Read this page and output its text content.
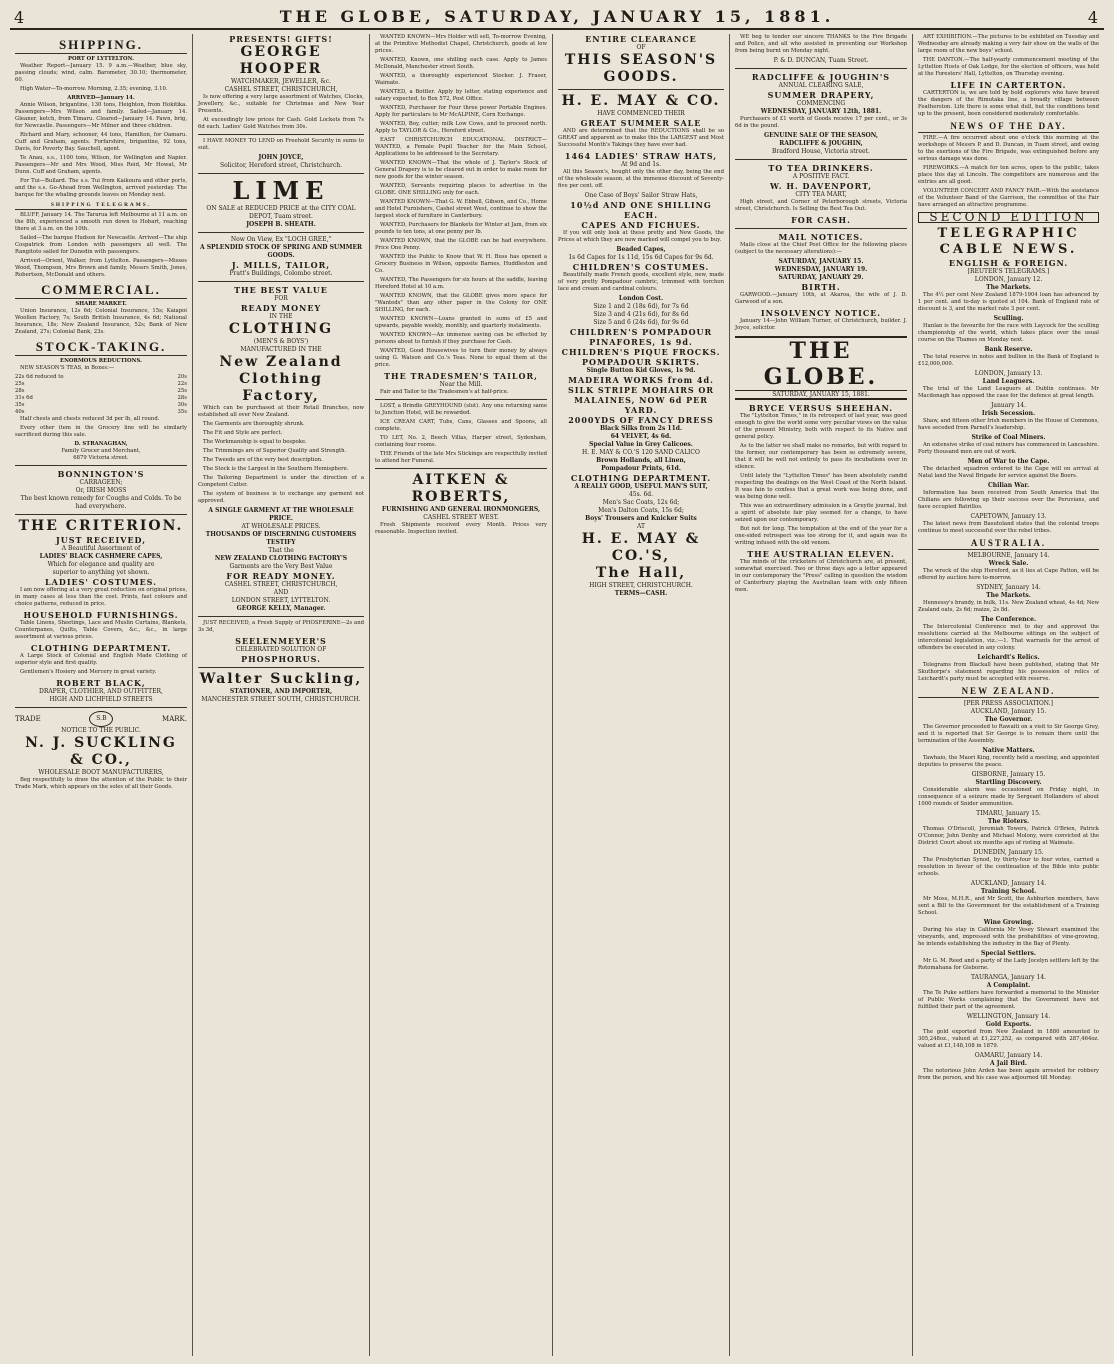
4	THE GLOBE, SATURDAY, JANUARY 15, 1881.	4
SHIPPING.
PORT OF LYTTELTON.

Weather Report—January 15. 9 a.m.—Weather, blue sky, passing clouds; wind, calm. Barometer, 30.10; thermometer, 60.

High Water—To-morrow. Morning, 2.35; evening, 3.10.

ARRIVED—January 14.

Annie Wilson, brigantine, 130 tons, Heighton, from Hokitika. Passengers—Mrs Wilson and family. Sailed—January 14. Gleaner, ketch, from Timaru. Cleared—January 14. Fawn, brig, for Newcastle. Passengers—Mr Milner and three children.

Richard and Mary, schooner, 44 tons, Hamilton, for Oamaru. Cuff and Graham, agents. Forfarshire, brigantine, 92 tons, Davis, for Poverty Bay. Sauchell, agent.

Te Anau, s.s., 1100 tons, Wilson, for Wellington and Napier. Passengers—Mr and Mrs Wood, Miss Reid, Mr Howat, Mr Dunn. Cuff and Graham, agents.

For Tui—Bullard. The s.s. Tui from Kaikoura and other ports, and the s.s. Go-Ahead from Wellington, arrived yesterday. The barque for the whaling grounds leaves on Monday next.

SHIPPING TELEGRAMS.

BLUFF, January 14. The Tararua left Melbourne at 11 a.m. on the 8th, experienced a smooth run down to Hobart, reaching there at 3 a.m. on the 10th.

Sailed—The barque Hudson for Newcastle. Arrived—The ship Cospatrick from London with passengers all well. The Rangitoto sailed for Dunedin with passengers.

Arrived—Orient, Walker, from Lyttelton. Passengers—Misses Wood, Thompson, Mrs Brown and family, Messrs Smith, Jones, Robertson, McDonald and others.

COMMERCIAL.
SHARE MARKET.

Union Insurance, 12s 6d; Colonial Insurance, 15s; Kaiapoi Woollen Factory, 7s; South British Insurance, 4s 6d; National Insurance, 18s; New Zealand Insurance, 52s; Bank of New Zealand, 27s; Colonial Bank, 23s.

STOCK-TAKING.
ENORMOUS REDUCTIONS.

NEW SEASON'S TEAS, in Boxes:—

22s 6d reduced to	20s
25s	22s
28s	25s
31s 6d	28s
35s	30s
40s	35s

Half chests and chests reduced 3d per lb, all round.

Every other item in the Grocery line will be similarly sacrificed during this sale.

D. STRANAGHAN,
Family Grocer and Merchant,
6879 Victoria street.
BONNINGTON'S
CARRAGEEN;
Or, IRISH MOSS
The best known remedy for Coughs and Colds. To be had everywhere.
THE CRITERION.
JUST RECEIVED,
A Beautiful Assortment of
LADIES' BLACK CASHMERE CAPES,
Which for elegance and quality are
superior to anything yet shown.
LADIES' COSTUMES.

I am now offering at a very great reduction on original prices, in many cases at less than the cost. Prints, fast colours and choice patterns, reduced in price.

HOUSEHOLD FURNISHINGS.

Table Linens, Sheetings, Lace and Muslin Curtains, Blankets, Counterpanes, Quilts, Table Covers, &c., &c., in large assortment at various prices.

CLOTHING DEPARTMENT.

A Large Stock of Colonial and English Made Clothing of superior style and first quality.

Gentlemen's Hosiery and Mercery in great variety.

ROBERT BLACK,
DRAPER, CLOTHIER, AND OUTFITTER,
HIGH AND LICHFIELD STREETS
TRADE	S.B	MARK.
NOTICE TO THE PUBLIC.
N. J. SUCKLING & CO.,
WHOLESALE BOOT MANUFACTURERS,

Beg respectfully to draw the attention of the Public to their Trade Mark, which appears on the soles of all their Goods.

PRESENTS! GIFTS!
GEORGE HOOPER
WATCHMAKER, JEWELLER, &c.
CASHEL STREET, CHRISTCHURCH,

Is now offering a very large assortment of Watches, Clocks, Jewellery, &c., suitable for Christmas and New Year Presents.

At exceedingly low prices for Cash. Gold Lockets from 7s 6d each. Ladies' Gold Watches from 30s.

I HAVE MONEY TO LEND on Freehold Security in sums to suit.

JOHN JOYCE,
Solicitor, Hereford street, Christchurch.
LIME
ON SALE at REDUCED PRICE at the CITY COAL DEPOT, Tuam street.
JOSEPH B. SHEATH.
Now On View, Ex "LOCH GREE,"
A SPLENDID STOCK OF SPRING AND SUMMER GOODS.
J. MILLS, TAILOR,
Pratt's Buildings, Colombo street.
THE BEST VALUE
FOR
READY MONEY
IN THE
CLOTHING
(MEN'S & BOYS')
MANUFACTURED IN THE
New Zealand
Clothing Factory,

Which can be purchased at their Retail Branches, now established all over New Zealand.

The Garments are thoroughly shrunk.

The Fit and Style are perfect.

The Workmanship is equal to bespoke.

The Trimmings are of Superior Quality and Strength.

The Tweeds are of the very best description.

The Stock is the Largest in the Southern Hemisphere.

The Tailoring Department is under the direction of a Competent Cutter.

The system of business is to exchange any garment not approved.

A SINGLE GARMENT AT THE WHOLESALE PRICE.
AT WHOLESALE PRICES.
THOUSANDS OF DISCERNING CUSTOMERS TESTIFY
That the
NEW ZEALAND CLOTHING FACTORY'S
Garments are the Very Best Value
FOR READY MONEY.
CASHEL STREET, CHRISTCHURCH,
AND
LONDON STREET, LYTTELTON.
GEORGE KELLY, Manager.

JUST RECEIVED, a Fresh Supply of PHOSFERINE—2s and 3s 3d,

SEELENMEYER'S
CELEBRATED SOLUTION OF
PHOSPHORUS.
Walter Suckling,
STATIONER, AND IMPORTER,
MANCHESTER STREET SOUTH, CHRISTCHURCH.

WANTED KNOWN—Mrs Holder will sell, To-morrow Evening, at the Primitive Methodist Chapel, Christchurch, goods at low prices.

WANTED, Known, one shilling each case. Apply to James McDonald, Manchester street South.

WANTED, a thoroughly experienced Stocker. J. Fraser, Waimate.

WANTED, a Bottler. Apply by letter, stating experience and salary expected, to Box 572, Post Office.

WANTED, Purchaser for Four three power Portable Engines. Apply for particulars to Mr McALPINE, Corn Exchange.

WANTED, Boy, cutter, milk Low Cows, and to proceed north. Apply to TAYLOR & Co., Hereford street.

EAST CHRISTCHURCH EDUCATIONAL DISTRICT—WANTED, a Female Pupil Teacher for the Main School, Applications to be addressed to the Secretary.

WANTED KNOWN—That the whole of J. Taylor's Stock of General Drapery is to be cleared out in order to make room for new goods for the winter season.

WANTED, Servants requiring places to advertise in the GLOBE. ONE SHILLING only for each.

WANTED KNOWN—That G. W. Ebbell, Gibson, and Co., Home and Hotel Furnishers, Cashel street West, continue to show the largest stock of furniture in Canterbury.

WANTED, Purchasers for Blankets for Winter at Jam, from six pounds to ten tons, at one penny per lb.

WANTED KNOWN, that the GLOBE can be had everywhere. Price One Penny.

WANTED the Public to Know that W. H. Buss has opened a Grocery Business in Wilson, opposite Barnes, Huddleston and Co.

WANTED, The Passengers for six hours at the saddle, leaving Hereford Hotel at 10 a.m.

WANTED KNOWN, that the GLOBE gives more space for "Wanteds" than any other paper in the Colony for ONE SHILLING, for each.

WANTED KNOWN—Loans granted in sums of £5 and upwards, payable weekly, monthly, and quarterly instalments.

WANTED KNOWN—An immense saving can be effected by persons about to furnish if they purchase for Cash.

WANTED, Good Housewives to turn their money by always using G. Watson and Co.'s Teas. None to equal them at the price.

THE TRADESMEN'S TAILOR,
Near the Mill.

Fair and Tailor to the Tradesmen's at half-price.

LOST, a Brindle GREYHOUND (slut). Any one returning same to Junction Hotel, will be rewarded.

ICE CREAM CART, Tubs, Cans, Glasses and Spoons, all complete.

TO LET, No. 2, Beech Villas, Harper street, Sydenham, containing four rooms.

THE Friends of the late Mrs Stickings are respectfully invited to attend her Funeral.

AITKEN & ROBERTS,
FURNISHING AND GENERAL IRONMONGERS,
CASHEL STREET WEST.

Fresh Shipments received every Month. Prices very reasonable. Inspection invited.

ENTIRE CLEARANCE
OF
THIS SEASON'S
GOODS.
H. E. MAY & CO.
HAVE COMMENCED THEIR
GREAT SUMMER SALE

AND are determined that the REDUCTIONS shall be so GREAT and apparent as to make this the LARGEST and Most Successful Month's Takings they have ever had.

1464 LADIES' STRAW HATS,
At 9d and 1s.

All this Season's, bought only the other day, being the end of the wholesale season, at the immense discount of Seventy-five per cent. off.

One Case of Boys' Sailor Straw Hats,
10½d AND ONE SHILLING EACH.
CAPES AND FICHUES.

If you will only look at these pretty and New Goods, the Prices at which they are now marked will compel you to buy.

Beaded Capes,
1s 6d Capes for 1s 11d, 15s 6d Capes for 9s 6d.
CHILDREN'S COSTUMES.

Beautifully made French goods, excellent style, new, made of very pretty Pompadour cambric, trimmed with torchon lace and cream and cardinal colours.

London Cost.
Size 1 and 2 (18s 6d), for 7s 6d
Size 3 and 4 (21s 6d), for 8s 6d
Size 5 and 6 (24s 6d), for 9s 6d
CHILDREN'S POMPADOUR PINAFORES, 1s 9d.
CHILDREN'S PIQUE FROCKS.
POMPADOUR SKIRTS.
Single Button Kid Gloves, 1s 9d.
MADEIRA WORKS from 4d.
SILK STRIPE MOHAIRS OR
MALAINES, NOW 6d PER YARD.
2000YDS OF FANCY DRESS
Black Silks from 2s 11d.
64 VELVET, 4s 6d.
Special Value in Grey Calicoes.
H. E. MAY & CO.'S 120 SAND CALICO
Brown Hollands, all Linen,
Pompadour Prints, 61d.
CLOTHING DEPARTMENT.
A REALLY GOOD, USEFUL MAN'S SUIT,
45s. 6d.
Men's Sac Coats, 12s 6d;
Men's Dalton Coats, 15s 6d;
Boys' Trousers and Knicker Suits
AT
H. E. MAY & CO.'S,
The Hall,
HIGH STREET, CHRISTCHURCH.
TERMS—CASH.

WE beg to tender our sincere THANKS to the Fire Brigade and Police, and all who assisted in preventing our Workshop from being burnt on Monday night.

P. & D. DUNCAN, Tuam Street.
RADCLIFFE & JOUGHIN'S
ANNUAL CLEARING SALE,
SUMMER DRAPERY,
COMMENCING
WEDNESDAY, JANUARY 12th, 1881.

Purchasers of £1 worth of Goods receive 17 per cent., or 3s 6d in the pound.

GENUINE SALE OF THE SEASON,
RADCLIFFE & JOUGHIN,
Bradford House, Victoria street.
TO TEA DRINKERS.
A POSITIVE FACT.
W. H. DAVENPORT,
CITY TEA MART,

High street, and Corner of Peterborough streets, Victoria street, Christchurch. Is Selling the Best Tea Out.

FOR CASH.
MAIL NOTICES.

Mails close at the Chief Post Office for the following places (subject to the necessary alterations):—

SATURDAY, JANUARY 15.
WEDNESDAY, JANUARY 19.
SATURDAY, JANUARY 29.
BIRTH.

GARWOOD.—January 10th, at Akaroa, the wife of J. D. Garwood of a son.

INSOLVENCY NOTICE.

January 14—John William Turner, of Christchurch, builder. J. Joyce, solicitor.

THE GLOBE.
SATURDAY, JANUARY 15, 1881.
BRYCE VERSUS SHEEHAN.

The "Lyttelton Times," in its retrospect of last year, was good enough to give the world some very peculiar views on the value of the present Ministry, both with respect to its Native and general policy.

As to the latter we shall make no remarks, but with regard to the former, our contemporary has been so extremely severe, that it will be well not entirely to pass its incubations over in silence.

Until lately the "Lyttelton Times" has been absolutely candid respecting the dealings on the West Coast of the North Island. It was fain to confess that a great work was being done, and was being done well.

This was an extraordinary admission in a Greyite journal, but a spirit of absolute fair play seemed for a change, to have seized upon our contemporary.

But not for long. The temptation at the end of the year for a one-sided retrospect was too strong for it, and again was its writing infused with the old venom.

THE AUSTRALIAN ELEVEN.

The minds of the cricketers of Christchurch are, at present, somewhat exercised. Two or three days ago a letter appeared in our contemporary the "Press" calling in question the wisdom of Canterbury playing the Australian team with only fifteen men.

ART EXHIBITION.—The pictures to be exhibited on Tuesday and Wednesday are already making a very fair show on the walls of the large room of the new boys' school.

THE DANTON.—The half-yearly commencement meeting of the Lyttelton Hosts of Oak Lodge, for the election of officers, was held at the Foresters' Hall, Lyttelton, on Thursday evening.

LIFE IN CARTERTON.

CARTERTON is, we are told by bold explorers who have braved the dangers of the Rimutaka line, a broadly village between Featherston. Life there is some what dull, but the conditions tend up to the present, been considered moderately comfortable.

NEWS OF THE DAY.

FIRE.—A fire occurred about one o'clock this morning at the workshops of Messrs P. and D. Duncan, in Tuam street, and owing to the exertions of the Fire Brigade, was extinguished before any serious damage was done.

FIREWORKS.—A match for ten acres, open to the public, takes place this day at Lincoln. The competitors are numerous and the entries are all good.

VOLUNTEER CONCERT AND FANCY FAIR.—With the assistance of the Volunteer Band of the Garrison, the committee of the Fair have arranged an attractive programme.

SECOND EDITION
TELEGRAPHIC
CABLE NEWS.
ENGLISH & FOREIGN.
[REUTER'S TELEGRAMS.]
LONDON, January 12.
The Markets.

The 4½ per cent New Zealand 1879-1904 loan has advanced by 1 per cent. and to-day is quoted at 104. Bank of England rate of discount is 3, and the market rate 3 per cent.

Sculling.

Hanlan is the favourite for the race with Laycock for the sculling championship of the world, which takes place over the usual course on the Thames on Monday next.

Bank Reserve.

The total reserve in notes and bullion in the Bank of England is £12,000,000.

LONDON, January 13.
Land Leaguers.

The trial of the Land Leaguers at Dublin continues. Mr Macdonagh has opposed the case for the defence at great length.

January 14.
Irish Secession.

Shaw, and fifteen other Irish members in the House of Commons, have seceded from Parnell's leadership.

Strike of Coal Miners.

An extensive strike of coal miners has commenced in Lancashire. Forty thousand men are out of work.

Men of War to the Cape.

The detached squadron ordered to the Cape will on arrival at Natal land the Naval Brigade for service against the Boers.

Chilian War.

Information has been received from South America that the Chilians are following up their success over the Peruvians, and have occupied Batrillos.

CAPETOWN, January 13.

The latest news from Basutoland states that the colonial troops continue to meet successful over the rebel tribes.

AUSTRALIA.
MELBOURNE, January 14.
Wreck Sale.

The wreck of the ship Hereford, as it lies at Cape Patton, will be offered by auction here to-morrow.

SYDNEY, January 14.
The Markets.

Hennessy's brandy, in bulk, 11s. New Zealand wheat, 4s 4d; New Zealand oats, 2s 6d; maize, 2s 8d.

The Conference.

The Intercolonial Conference met to day and approved the resolutions carried at the Melbourne sittings on the subject of intercolonial legislation, viz.:—1. That warrants for the arrest of offenders be executed in any colony.

Leichardt's Relics.

Telegrams from Blackall have been published, stating that Mr Skuthorpe's statement regarding his possession of relics of Leichardt's party must be accepted with reserve.

NEW ZEALAND.
[PER PRESS ASSOCIATION.]
AUCKLAND, January 15.
The Governor.

The Governor proceeded to Rawaiti on a visit to Sir George Grey, and it is reported that Sir George is to remain there until the termination of the Assembly.

Native Matters.

Tawhaio, the Maori King, recently held a meeting, and appointed deputies to preserve the peace.

GISBORNE, January 15.
Startling Discovery.

Considerable alarm was occasioned on Friday night, in consequence of a seizure made by Sergeant Hollanders of about 1000 rounds of Snider ammunition.

TIMARU, January 15.
The Rioters.

Thomas O'Driscoll, Jeremiah Towers, Patrick O'Brien, Patrick O'Connor, John Denby and Michael Molony, were convicted at the District Court about six months ago of rioting at Waimate.

DUNEDIN, January 15.

The Presbyterian Synod, by thirty-four to four votes, carried a resolution in favour of the continuation of the Bible into public schools.

AUCKLAND, January 14.
Training School.

Mr Moss, M.H.R., and Mr Scott, the Ashburton members, have sent a Bill to the Government for the establishment of a Training School.

Wine Growing.

During his stay in California Mr Vesey Stewart examined the vineyards, and, impressed with the probabilities of vine-growing, he intends establishing the industry in the Bay of Plenty.

Special Settlers.

Mr G. M. Reed and a party of the Lady Jocelyn settlers left by the Rotomahana for Gisborne.

TAURANGA, January 14.
A Complaint.

The Te Puke settlers have forwarded a memorial to the Minister of Public Works complaining that the Government have not fulfilled their part of the agreement.

WELLINGTON, January 14.
Gold Exports.

The gold exported from New Zealand in 1880 amounted to 305,248oz., valued at £1,227,252, as compared with 287,464oz. valued at £1,148,108 in 1879.

OAMARU, January 14.
A Jail Bird.

The notorious John Arden has been again arrested for robbery from the person, and his case was adjourned till Monday.
